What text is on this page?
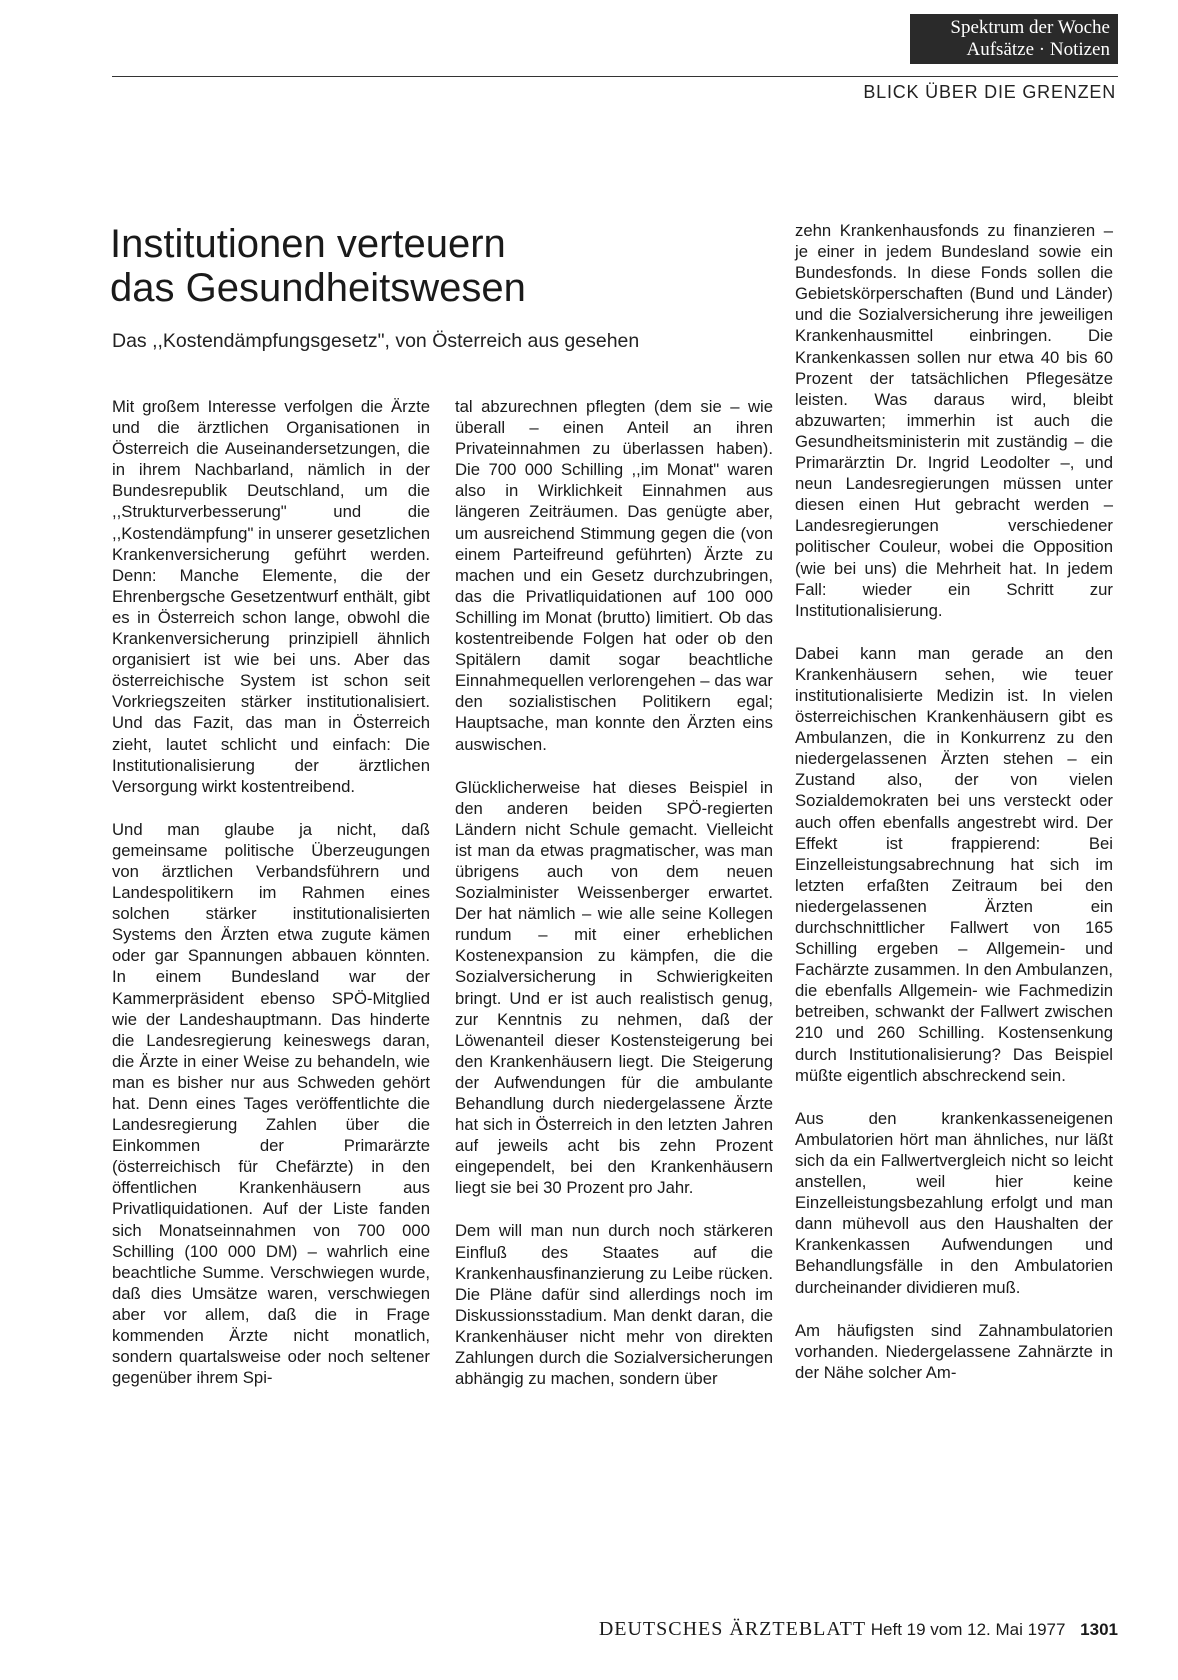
Spektrum der Woche
Aufsätze · Notizen
BLICK ÜBER DIE GRENZEN
Institutionen verteuern
das Gesundheitswesen
Das ,,Kostendämpfungsgesetz", von Österreich aus gesehen

Mit großem Interesse verfolgen die Ärzte und die ärztlichen Organisationen in Österreich die Auseinandersetzungen, die in ihrem Nachbarland, nämlich in der Bundesrepublik Deutschland, um die ,,Strukturverbesserung" und die ,,Kostendämpfung" in unserer gesetzlichen Krankenversicherung geführt werden. Denn: Manche Elemente, die der Ehrenbergsche Gesetzentwurf enthält, gibt es in Österreich schon lange, obwohl die Krankenversicherung prinzipiell ähnlich organisiert ist wie bei uns. Aber das österreichische System ist schon seit Vorkriegszeiten stärker institutionalisiert. Und das Fazit, das man in Österreich zieht, lautet schlicht und einfach: Die Institutionalisierung der ärztlichen Versorgung wirkt kostentreibend.

Und man glaube ja nicht, daß gemeinsame politische Überzeugungen von ärztlichen Verbandsführern und Landespolitikern im Rahmen eines solchen stärker institutionalisierten Systems den Ärzten etwa zugute kämen oder gar Spannungen abbauen könnten. In einem Bundesland war der Kammerpräsident ebenso SPÖ-Mitglied wie der Landeshauptmann. Das hinderte die Landesregierung keineswegs daran, die Ärzte in einer Weise zu behandeln, wie man es bisher nur aus Schweden gehört hat. Denn eines Tages veröffentlichte die Landesregierung Zahlen über die Einkommen der Primarärzte (österreichisch für Chefärzte) in den öffentlichen Krankenhäusern aus Privatliquidationen. Auf der Liste fanden sich Monatseinnahmen von 700 000 Schilling (100 000 DM) – wahrlich eine beachtliche Summe. Verschwiegen wurde, daß dies Umsätze waren, verschwiegen aber vor allem, daß die in Frage kommenden Ärzte nicht monatlich, sondern quartalsweise oder noch seltener gegenüber ihrem Spi-

tal abzurechnen pflegten (dem sie – wie überall – einen Anteil an ihren Privateinnahmen zu überlassen haben). Die 700 000 Schilling ,,im Monat" waren also in Wirklichkeit Einnahmen aus längeren Zeiträumen. Das genügte aber, um ausreichend Stimmung gegen die (von einem Parteifreund geführten) Ärzte zu machen und ein Gesetz durchzubringen, das die Privatliquidationen auf 100 000 Schilling im Monat (brutto) limitiert. Ob das kostentreibende Folgen hat oder ob den Spitälern damit sogar beachtliche Einnahmequellen verlorengehen – das war den sozialistischen Politikern egal; Hauptsache, man konnte den Ärzten eins auswischen.

Glücklicherweise hat dieses Beispiel in den anderen beiden SPÖ-regierten Ländern nicht Schule gemacht. Vielleicht ist man da etwas pragmatischer, was man übrigens auch von dem neuen Sozialminister Weissenberger erwartet. Der hat nämlich – wie alle seine Kollegen rundum – mit einer erheblichen Kostenexpansion zu kämpfen, die die Sozialversicherung in Schwierigkeiten bringt. Und er ist auch realistisch genug, zur Kenntnis zu nehmen, daß der Löwenanteil dieser Kostensteigerung bei den Krankenhäusern liegt. Die Steigerung der Aufwendungen für die ambulante Behandlung durch niedergelassene Ärzte hat sich in Österreich in den letzten Jahren auf jeweils acht bis zehn Prozent eingependelt, bei den Krankenhäusern liegt sie bei 30 Prozent pro Jahr.

Dem will man nun durch noch stärkeren Einfluß des Staates auf die Krankenhausfinanzierung zu Leibe rücken. Die Pläne dafür sind allerdings noch im Diskussionsstadium. Man denkt daran, die Krankenhäuser nicht mehr von direkten Zahlungen durch die Sozialversicherungen abhängig zu machen, sondern über

zehn Krankenhausfonds zu finanzieren – je einer in jedem Bundesland sowie ein Bundesfonds. In diese Fonds sollen die Gebietskörperschaften (Bund und Länder) und die Sozialversicherung ihre jeweiligen Krankenhausmittel einbringen. Die Krankenkassen sollen nur etwa 40 bis 60 Prozent der tatsächlichen Pflegesätze leisten. Was daraus wird, bleibt abzuwarten; immerhin ist auch die Gesundheitsministerin mit zuständig – die Primarärztin Dr. Ingrid Leodolter –, und neun Landesregierungen müssen unter diesen einen Hut gebracht werden – Landesregierungen verschiedener politischer Couleur, wobei die Opposition (wie bei uns) die Mehrheit hat. In jedem Fall: wieder ein Schritt zur Institutionalisierung.

Dabei kann man gerade an den Krankenhäusern sehen, wie teuer institutionalisierte Medizin ist. In vielen österreichischen Krankenhäusern gibt es Ambulanzen, die in Konkurrenz zu den niedergelassenen Ärzten stehen – ein Zustand also, der von vielen Sozialdemokraten bei uns versteckt oder auch offen ebenfalls angestrebt wird. Der Effekt ist frappierend: Bei Einzelleistungsabrechnung hat sich im letzten erfaßten Zeitraum bei den niedergelassenen Ärzten ein durchschnittlicher Fallwert von 165 Schilling ergeben – Allgemein- und Fachärzte zusammen. In den Ambulanzen, die ebenfalls Allgemein- wie Fachmedizin betreiben, schwankt der Fallwert zwischen 210 und 260 Schilling. Kostensenkung durch Institutionalisierung? Das Beispiel müßte eigentlich abschreckend sein.

Aus den krankenkasseneigenen Ambulatorien hört man ähnliches, nur läßt sich da ein Fallwertvergleich nicht so leicht anstellen, weil hier keine Einzelleistungsbezahlung erfolgt und man dann mühevoll aus den Haushalten der Krankenkassen Aufwendungen und Behandlungsfälle in den Ambulatorien durcheinander dividieren muß.

Am häufigsten sind Zahnambulatorien vorhanden. Niedergelassene Zahnärzte in der Nähe solcher Am-

DEUTSCHES ÄRZTEBLATT Heft 19 vom 12. Mai 1977 1301
